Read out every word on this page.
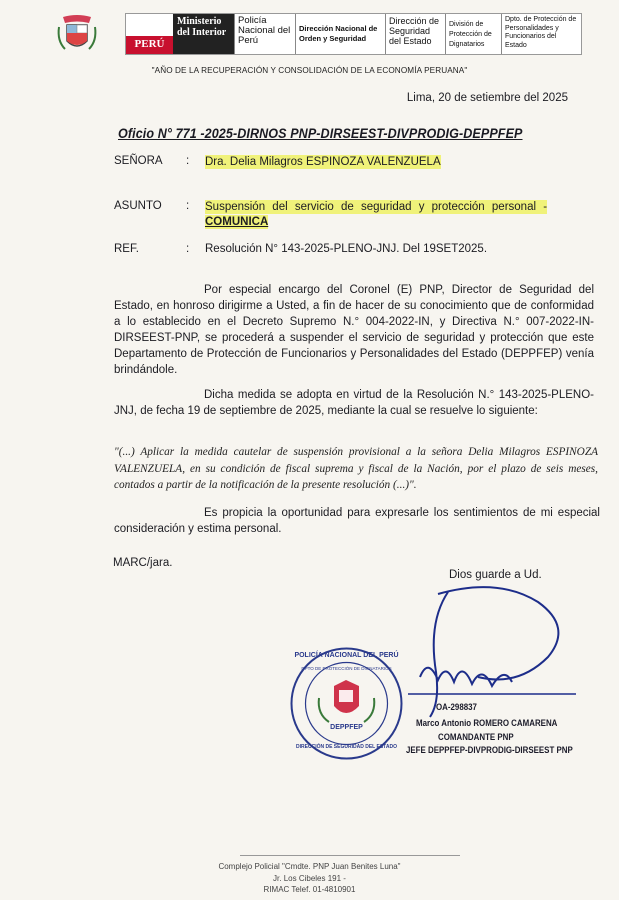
PERÚ
Ministerio del Interior
Policía Nacional del Perú
Dirección Nacional de Orden y Seguridad
Dirección de Seguridad del Estado
División de Protección de Dignatarios
Dpto. de Protección de Personalidades y Funcionarios del Estado
"AÑO DE LA RECUPERACIÓN Y CONSOLIDACIÓN DE LA ECONOMÍA PERUANA"
Lima, 20 de setiembre del 2025
Oficio N° 771 -2025-DIRNOS PNP-DIRSEEST-DIVPRODIG-DEPPFEP
SEÑORA : Dra. Delia Milagros ESPINOZA VALENZUELA
ASUNTO : Suspensión del servicio de seguridad y protección personal -
COMUNICA
REF.	: Resolución N° 143-2025-PLENO-JNJ. Del 19SET2025.
Por especial encargo del Coronel (E) PNP, Director de Seguridad del Estado, en honroso dirigirme a Usted, a fin de hacer de su conocimiento que de conformidad a lo establecido en el Decreto Supremo N.° 004-2022-IN, y Directiva N.° 007-2022-IN-DIRSEEST-PNP, se procederá a suspender el servicio de seguridad y protección que este Departamento de Protección de Funcionarios y Personalidades del Estado (DEPPFEP) venía brindándole.
Dicha medida se adopta en virtud de la Resolución N.° 143-2025-PLENO-JNJ, de fecha 19 de septiembre de 2025, mediante la cual se resuelve lo siguiente:
"(...) Aplicar la medida cautelar de suspensión provisional a la señora Delia Milagros ESPINOZA VALENZUELA, en su condición de fiscal suprema y fiscal de la Nación, por el plazo de seis meses, contados a partir de la notificación de la presente resolución (...)".
Es propicia la oportunidad para expresarle los sentimientos de mi especial consideración y estima personal.
MARC/jara.
Dios guarde a Ud.
POLICÍA NACIONAL DEL PERÚ
DPTO DE PROTECCIÓN DE DIGNATARIOS
DEPPFEP
DIRECCIÓN DE SEGURIDAD DEL ESTADO
OA-298837
Marco Antonio ROMERO CAMARENA
COMANDANTE PNP
JEFE DEPPFEP-DIVPRODIG-DIRSEEST PNP
Complejo Policial "Cmdte. PNP Juan Benites Luna"
Jr. Los Cibeles 191 -
RIMAC Telef. 01-4810901
